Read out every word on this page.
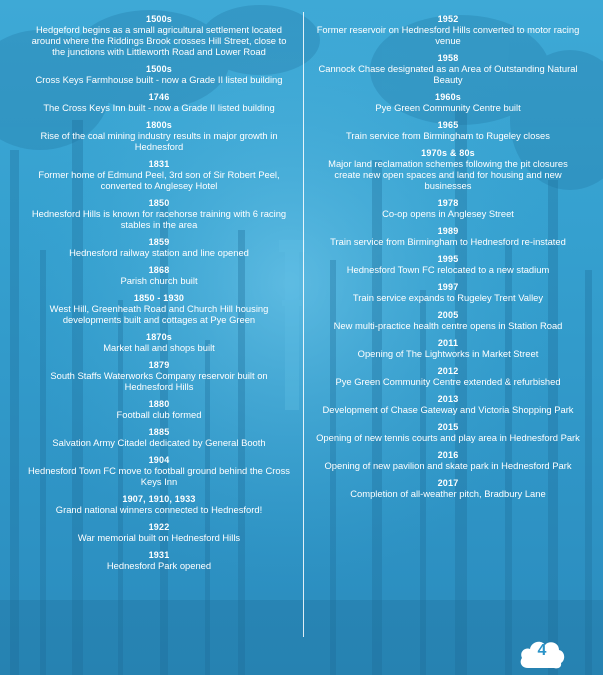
1500s
Hedgeford begins as a small agricultural settlement located around where the Riddings Brook crosses Hill Street, close to the junctions with Littleworth Road and Lower Road
1500s
Cross Keys Farmhouse built - now a Grade II listed building
1746
The Cross Keys Inn built - now a Grade II listed building
1800s
Rise of the coal mining industry results in major growth in Hednesford
1831
Former home of Edmund Peel, 3rd son of Sir Robert Peel, converted to Anglesey Hotel
1850
Hednesford Hills is known for racehorse training with 6 racing stables in the area
1859
Hednesford railway station and line opened
1868
Parish church built
1850 - 1930
West Hill, Greenheath Road and Church Hill housing developments built and cottages at Pye Green
1870s
Market hall and shops built
1879
South Staffs Waterworks Company reservoir built on Hednesford Hills
1880
Football club formed
1885
Salvation Army Citadel dedicated by General Booth
1904
Hednesford Town FC move to football ground behind the Cross Keys Inn
1907, 1910, 1933
Grand national winners connected to Hednesford!
1922
War memorial built on Hednesford Hills
1931
Hednesford Park opened
1952
Former reservoir on Hednesford Hills converted to motor racing venue
1958
Cannock Chase designated as an Area of Outstanding Natural Beauty
1960s
Pye Green Community Centre built
1965
Train service from Birmingham to Rugeley closes
1970s & 80s
Major land reclamation schemes following the pit closures create new open spaces and land for housing and new businesses
1978
Co-op opens in Anglesey Street
1989
Train service from Birmingham to Hednesford re-instated
1995
Hednesford Town FC relocated to a new stadium
1997
Train service expands to Rugeley Trent Valley
2005
New multi-practice health centre opens in Station Road
2011
Opening of The Lightworks in Market Street
2012
Pye Green Community Centre extended & refurbished
2013
Development of Chase Gateway and Victoria Shopping Park
2015
Opening of new tennis courts and play area in Hednesford Park
2016
Opening of new pavilion and skate park in Hednesford Park
2017
Completion of all-weather pitch, Bradbury Lane
4
